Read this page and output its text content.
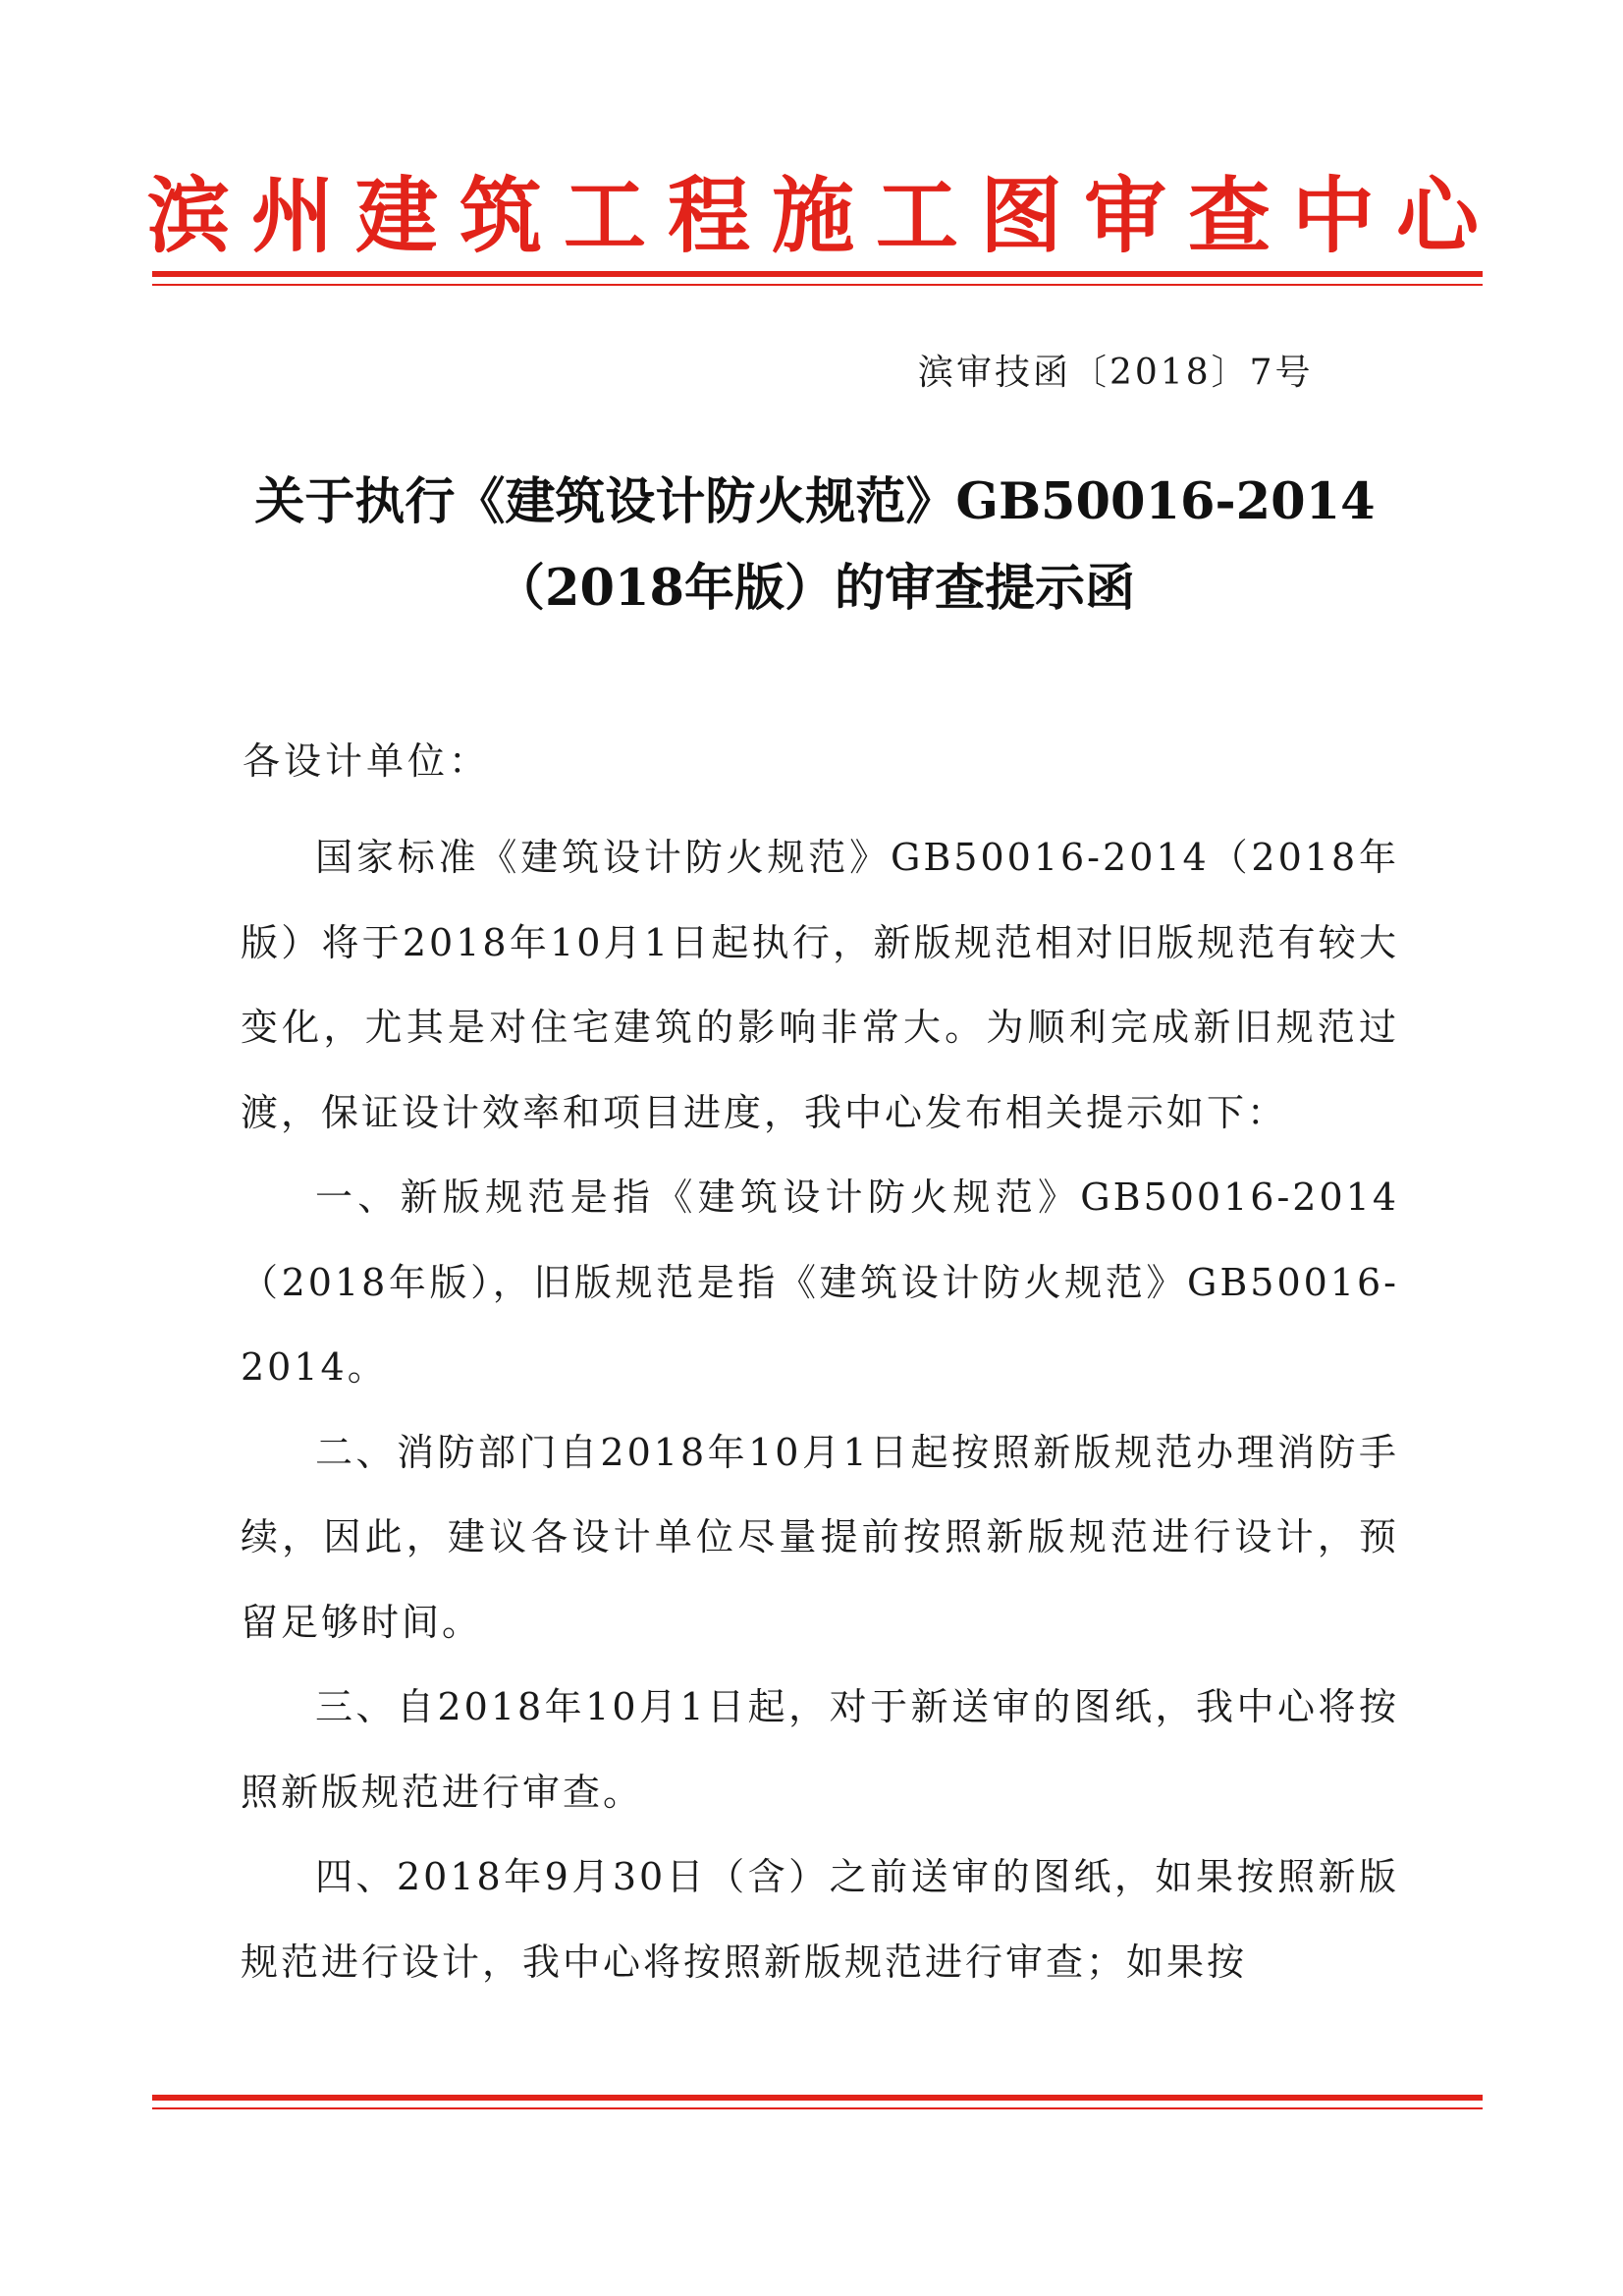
滨州建筑工程施工图审查中心
滨审技函〔2018〕7号
关于执行《建筑设计防火规范》GB50016-2014
（2018年版）的审查提示函
各设计单位：

国家标准《建筑设计防火规范》GB50016-2014（2018年版）将于2018年10月1日起执行，新版规范相对旧版规范有较大变化，尤其是对住宅建筑的影响非常大。为顺利完成新旧规范过渡，保证设计效率和项目进度，我中心发布相关提示如下：

一、新版规范是指《建筑设计防火规范》GB50016-2014（2018年版），旧版规范是指《建筑设计防火规范》GB50016-2014。

二、消防部门自2018年10月1日起按照新版规范办理消防手续，因此，建议各设计单位尽量提前按照新版规范进行设计，预留足够时间。

三、自2018年10月1日起，对于新送审的图纸，我中心将按照新版规范进行审查。

四、2018年9月30日（含）之前送审的图纸，如果按照新版规范进行设计，我中心将按照新版规范进行审查；如果按
